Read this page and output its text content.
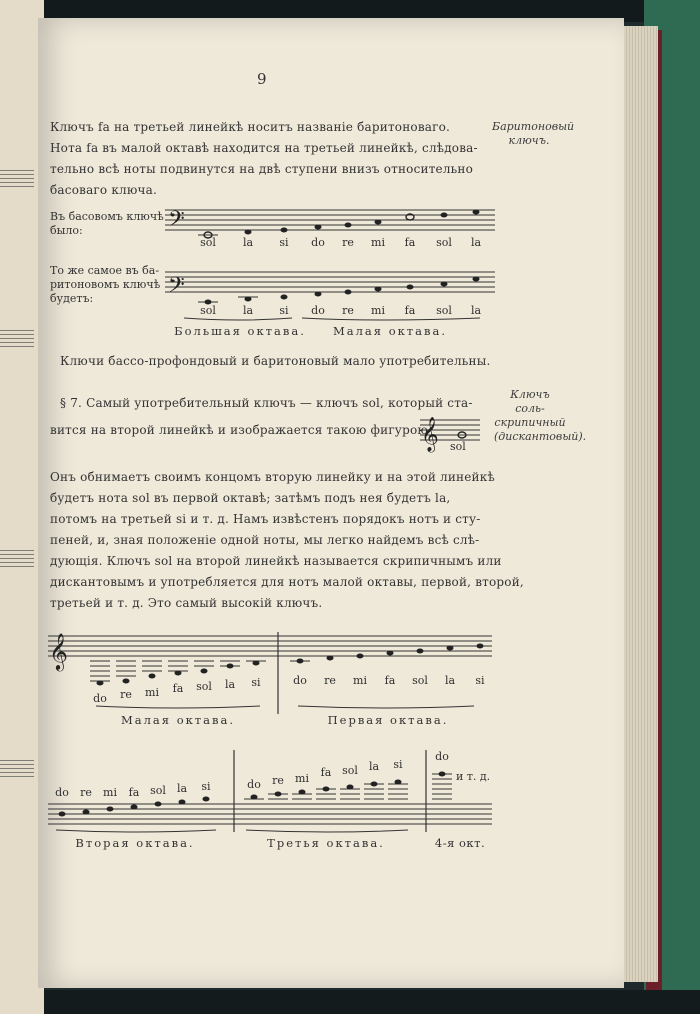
9
Ключъ fa на третьей линейкѣ носитъ названіе баритоноваго.
Нота fa въ малой октавѣ находится на третьей линейкѣ, слѣдова-
тельно всѣ ноты подвинутся на двѣ ступени внизъ относительно
басоваго ключа.
Баритоновый
ключъ.
Въ басовомъ ключѣ
было:	𝄢
sol la si do re mi fa sol la
То же самое въ ба-
ритоновомъ ключѣ
будетъ:	𝄢
sol la si do re mi fa sol la
Большая октава. Малая октава.
Ключи бассо-профондовый и баритоновый мало употребительны.
§ 7. Самый употребительный ключъ — ключъ sol, который ста-
вится на второй линейкѣ и изображается такою фигурою
𝄞 sol
Ключъ соль-
скрипичный
(дискантовый).
Онъ обнимаетъ своимъ концомъ вторую линейку и на этой линейкѣ
будетъ нота sol въ первой октавѣ; затѣмъ подъ нея будетъ la,
потомъ на третьей si и т. д. Намъ извѣстенъ порядокъ нотъ и сту-
пеней, и, зная положеніе одной ноты, мы легко найдемъ всѣ слѣ-
дующія. Ключъ sol на второй линейкѣ называется скрипичнымъ или
дискантовымъ и употребляется для нотъ малой октавы, первой, второй,
третьей и т. д. Это самый высокій ключъ.
𝄞
do re mi fa sol la si	do re mi fa sol la si
Малая октава.	Первая октава.
do re mi fa sol la si	do re mi fa sol la si
do
и т. д.
Вторая октава.	Третья октава.	4-я окт.
